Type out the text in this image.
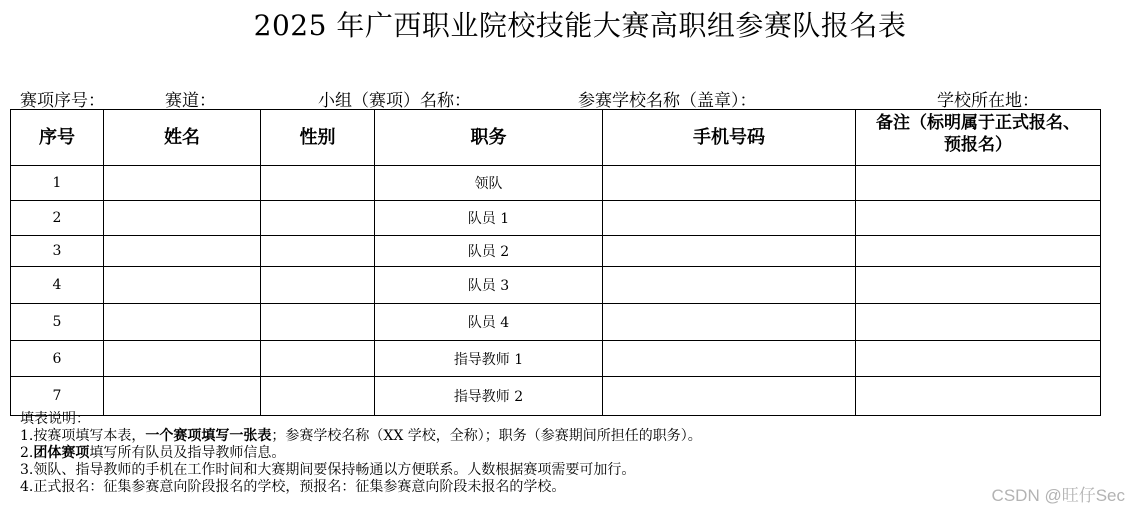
2025 年广西职业院校技能大赛高职组参赛队报名表
赛项序号：	赛道：	小组（赛项）名称：	参赛学校名称（盖章）：	学校所在地：
序号	姓名	性别	职务	手机号码	备注（标明属于正式报名、
预报名）
1			领队		
2			队员 1		
3			队员 2		
4			队员 3		
5			队员 4		
6			指导教师 1		
7			指导教师 2		
填表说明：
1.按赛项填写本表，一个赛项填写一张表；参赛学校名称（XX 学校，全称）；职务（参赛期间所担任的职务）。
2.团体赛项填写所有队员及指导教师信息。
3.领队、指导教师的手机在工作时间和大赛期间要保持畅通以方便联系。人数根据赛项需要可加行。
4.正式报名：征集参赛意向阶段报名的学校，预报名：征集参赛意向阶段未报名的学校。	CSDN @旺仔Sec
